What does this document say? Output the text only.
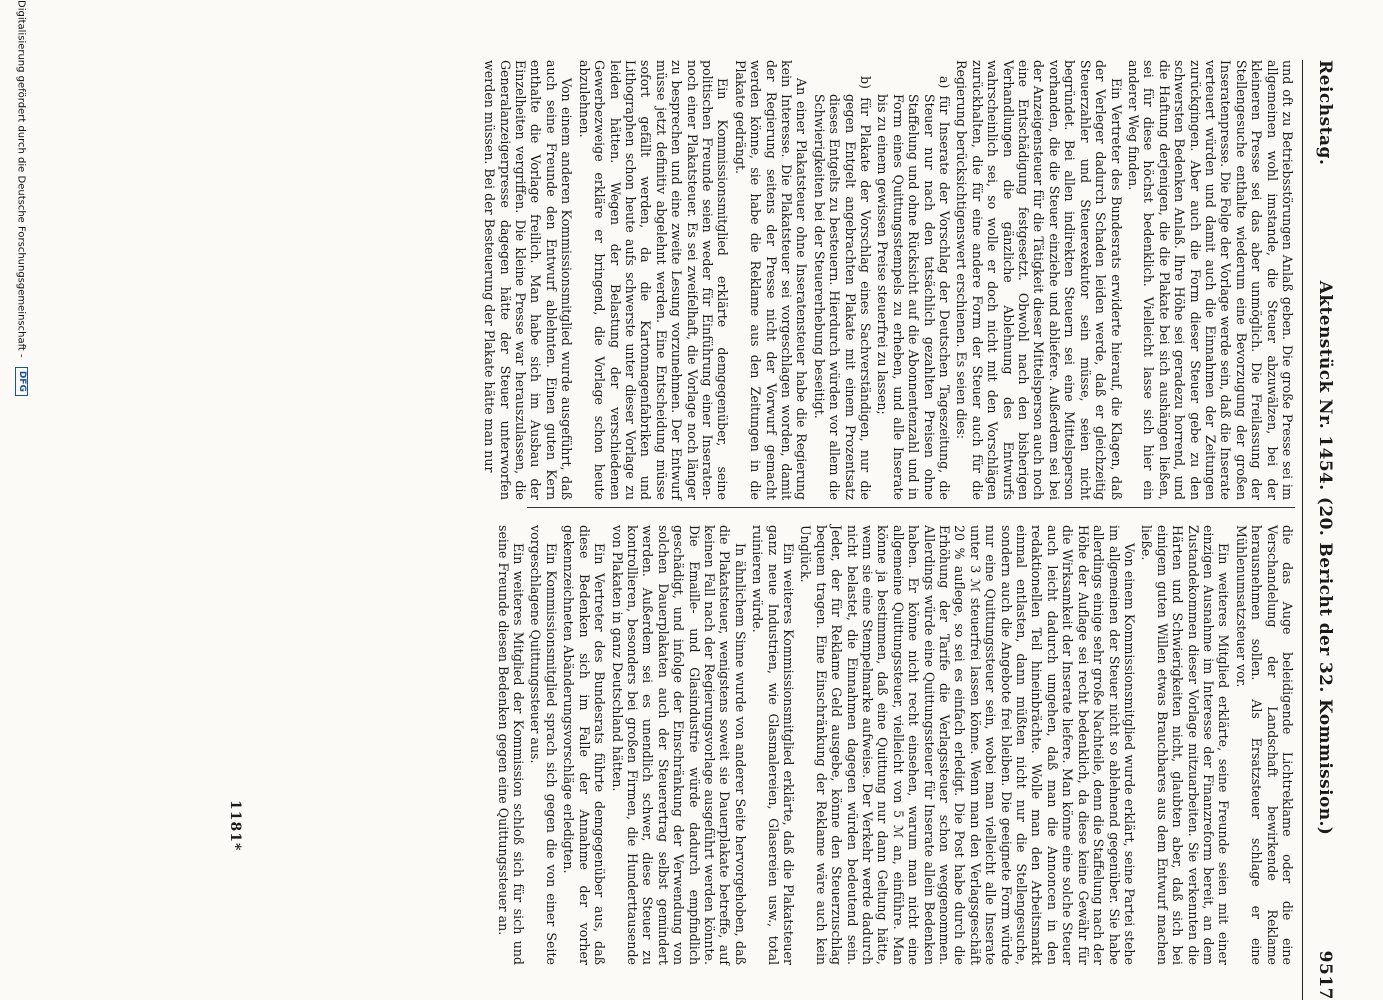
Reichstag.
Aktenstück Nr. 1454. (20. Bericht der 32. Kommission.)
9517

und oft zu Betriebsstörungen Anlaß geben. Die große Presse sei im allgemeinen wohl imstande, die Steuer abzuwälzen, bei der kleineren Presse sei das aber unmöglich. Die Freilassung der Stellengesuche enthalte wiederum eine Bevorzugung der großen Inseratenpresse. Die Folge der Vorlage werde sein, daß die Inserate verteuert würden und damit auch die Einnahmen der Zeitungen zurückgingen. Aber auch die Form dieser Steuer gebe zu den schwersten Bedenken Anlaß. Ihre Höhe sei geradezu horrend, und die Haftung derjenigen, die die Plakate bei sich aushängen ließen, sei für diese höchst bedenklich. Vielleicht lasse sich hier ein anderer Weg finden.

Ein Vertreter des Bundesrats erwiderte hierauf, die Klagen, daß der Verleger dadurch Schaden leiden werde, daß er gleichzeitig Steuerzahler und Steuerexekutor sein müsse, seien nicht begründet. Bei allen indirekten Steuern sei eine Mittelsperson vorhanden, die die Steuer einziehe und abliefere. Außerdem sei bei der Anzeigensteuer für die Tätigkeit dieser Mittelsperson auch noch eine Entschädigung festgesetzt. Obwohl nach den bisherigen Verhandlungen die gänzliche Ablehnung des Entwurfs wahrscheinlich sei, so wolle er doch nicht mit den Vorschlägen zurückhalten, die für eine andere Form der Steuer auch für die Regierung berücksichtigenswert erschienen. Es seien dies:

a) für Inserate der Vorschlag der Deutschen Tageszeitung, die Steuer nur nach den tatsächlich gezahlten Preisen ohne Staffelung und ohne Rücksicht auf die Abonnentenzahl und in Form eines Quittungsstempels zu erheben, und alle Inserate bis zu einem gewissen Preise steuerfrei zu lassen;

b) für Plakate der Vorschlag eines Sachverständigen, nur die gegen Entgelt angebrachten Plakate mit einem Prozentsatz dieses Entgelts zu besteuern. Hierdurch würden vor allem die Schwierigkeiten bei der Steuererhebung beseitigt.

An einer Plakatsteuer ohne Inseratensteuer habe die Regierung kein Interesse. Die Plakatsteuer sei vorgeschlagen worden, damit der Regierung seitens der Presse nicht der Vorwurf gemacht werden könne, sie habe die Reklame aus den Zeitungen in die Plakate gedrängt.

Ein Kommissionsmitglied erklärte demgegenüber, seine politischen Freunde seien weder für Einführung einer Inseraten- noch einer Plakatsteuer. Es sei zweifelhaft, die Vorlage noch länger zu besprechen und eine zweite Lesung vorzunehmen. Der Entwurf müsse jetzt definitiv abgelehnt werden. Eine Entscheidung müsse sofort gefällt werden, da die Kartonnagenfabriken und Lithographen schon heute aufs schwerste unter dieser Vorlage zu leiden hätten. Wegen der Belastung der verschiedenen Gewerbezweige erkläre er bringend, die Vorlage schon heute abzulehnen.

Von einem anderen Kommissionsmitglied wurde ausgeführt, daß auch seine Freunde den Entwurf ablehnten. Einen guten Kern enthalte die Vorlage freilich. Man habe sich im Ausbau der Einzelheiten vergriffen. Die kleine Presse war herauszulassen, die Generalanzeigerpresse dagegen hätte der Steuer unterworfen werden müssen. Bei der Besteuerung der Plakate hätte man nur

die das Auge beleidigende Lichtreklame oder die eine Verschandelung der Landschaft bewirkende Reklame herausnehmen sollen. Als Ersatzsteuer schlage er eine Mühlenumsatzsteuer vor.

Ein weiteres Mitglied erklärte, seine Freunde seien mit einer einzigen Ausnahme im Interesse der Finanzreform bereit, an dem Zustandekommen dieser Vorlage mitzuarbeiten. Sie verkennten die Härten und Schwierigkeiten nicht, glaubten aber, daß sich bei einigem guten Willen etwas Brauchbares aus dem Entwurf machen ließe.

Von einem Kommissionsmitglied wurde erklärt, seine Partei stehe im allgemeinen der Steuer nicht so ablehnend gegenüber. Sie habe allerdings einige sehr große Nachteile, denn die Staffelung nach der Höhe der Auflage sei recht bedenklich, da diese keine Gewähr für die Wirksamkeit der Inserate liefere. Man könne eine solche Steuer auch leicht dadurch umgehen, daß man die Annoncen in den redaktionellen Teil hineinbrächte. Wolle man den Arbeitsmarkt einmal entlasten, dann müßten nicht nur die Stellengesuche, sondern auch die Angebote frei bleiben. Die geeignete Form würde nur eine Quittungssteuer sein, wobei man vielleicht alle Inserate unter 3 ℳ steuerfrei lassen könne. Wenn man den Verlagsgeschäft 20 % auflege, so sei es einfach erledigt. Die Post habe durch die Erhöhung der Tarife die Verlagssteuer schon weggenommen. Allerdings würde eine Quittungssteuer für Inserate allein Bedenken haben. Er könne nicht recht einsehen, warum man nicht eine allgemeine Quittungssteuer, vielleicht von 5 ℳ an, einführe. Man könne ja bestimmen, daß eine Quittung nur dann Geltung hätte, wenn sie eine Stempelmarke aufweise. Der Verkehr werde dadurch nicht belastet, die Einnahmen dagegen würden bedeutend sein. Jeder, der für Reklame Geld ausgebe, könne den Steuerzuschlag bequem tragen. Eine Einschränkung der Reklame wäre auch kein Unglück.

Ein weiteres Kommissionsmitglied erklärte, daß die Plakatsteuer ganz neue Industrien, wie Glasmalereien, Glasereien usw., total ruinieren würde.

In ähnlichem Sinne wurde von anderer Seite hervorgehoben, daß die Plakatsteuer, wenigstens soweit sie Dauerplakate betreffe, auf keinen Fall nach der Regierungsvorlage ausgeführt werden könnte. Die Emaille- und Glasindustrie würde dadurch empfindlich geschädigt, und infolge der Einschränkung der Verwendung von solchen Dauerplakaten auch der Steuerertrag selbst gemindert werden. Außerdem sei es unendlich schwer, diese Steuer zu kontrollieren, besonders bei großen Firmen, die Hunderttausende von Plakaten in ganz Deutschland hätten.

Ein Vertreter des Bundesrats führte demgegenüber aus, daß diese Bedenken sich im Falle der Annahme der vorher gekennzeichneten Abänderungsvorschläge erledigten.

Ein Kommissionsmitglied sprach sich gegen die von einer Seite vorgeschlagene Quittungssteuer aus.

Ein weiteres Mitglied der Kommission schloß sich für sich und seine Freunde diesen Bedenken gegen eine Quittungssteuer an.

1181*
Digitalisierung gefördert durch die Deutsche Forschungsgemeinschaft - DFG
